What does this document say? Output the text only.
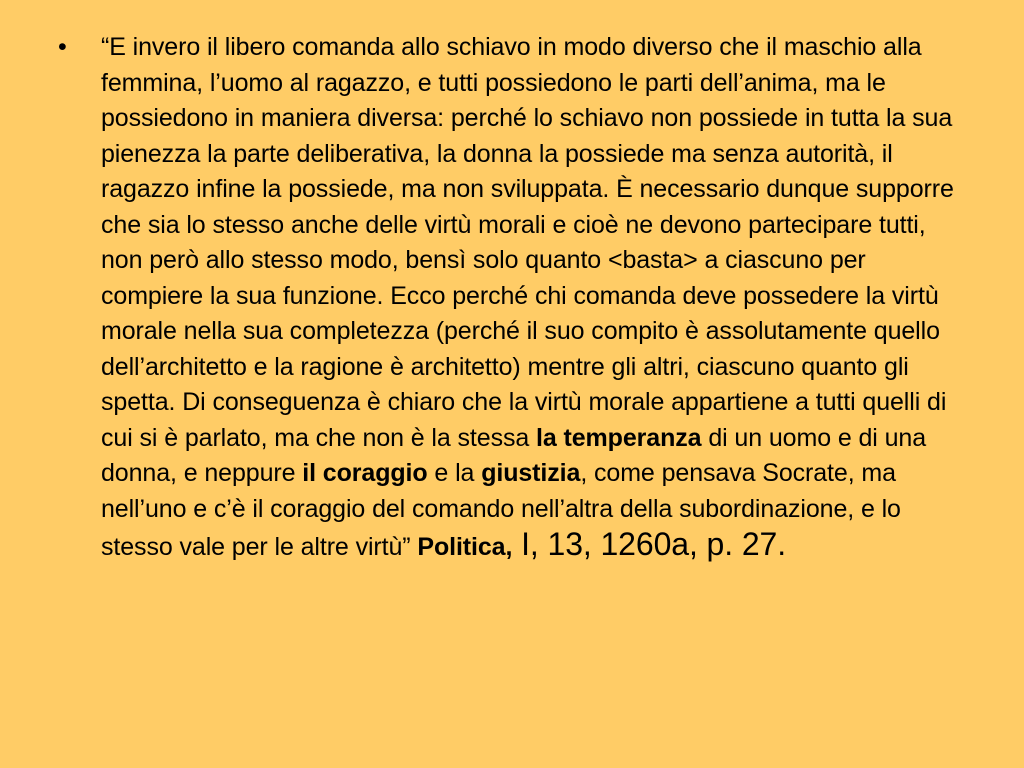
• “E invero il libero comanda allo schiavo in modo diverso che il maschio alla femmina, l’uomo al ragazzo, e tutti possiedono le parti dell’anima, ma le possiedono in maniera diversa: perché lo schiavo non possiede in tutta la sua pienezza la parte deliberativa, la donna la possiede ma senza autorità, il ragazzo infine la possiede, ma non sviluppata. È necessario dunque supporre che sia lo stesso anche delle virtù morali e cioè ne devono partecipare tutti, non però allo stesso modo, bensì solo quanto <basta> a ciascuno per compiere la sua funzione. Ecco perché chi comanda deve possedere la virtù morale nella sua completezza (perché il suo compito è assolutamente quello dell’architetto e la ragione è architetto) mentre gli altri, ciascuno quanto gli spetta. Di conseguenza è chiaro che la virtù morale appartiene a tutti quelli di cui si è parlato, ma che non è la stessa la temperanza di un uomo e di una donna, e neppure il coraggio e la giustizia, come pensava Socrate, ma nell’uno e c’è il coraggio del comando nell’altra della subordinazione, e lo stesso vale per le altre virtù” Politica, I, 13, 1260a, p. 27.
